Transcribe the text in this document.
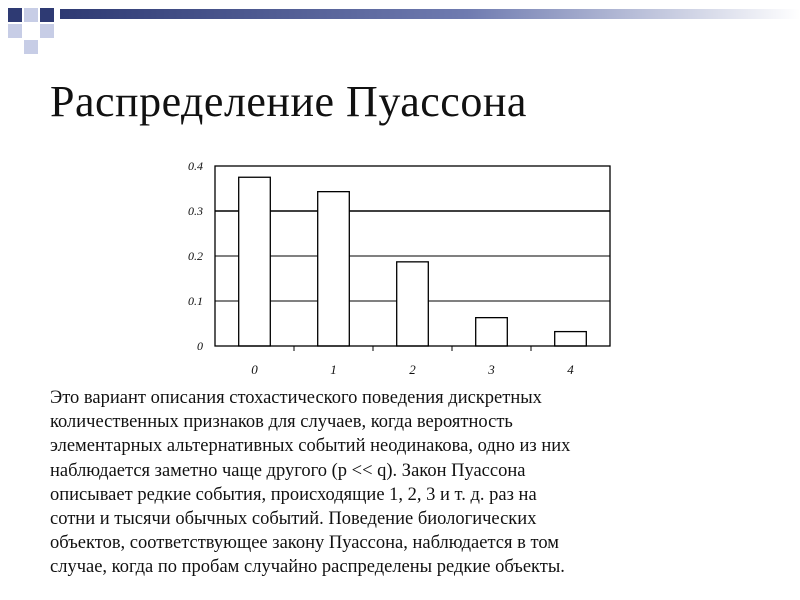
Распределение Пуассона
0
0.1
0.2
0.3
0.4
0	1	2	3	4
Это вариант описания стохастического поведения дискретных
количественных признаков для случаев, когда вероятность
элементарных альтернативных событий неодинакова, одно из них
наблюдается заметно чаще другого (p << q). Закон Пуассона
описывает редкие события, происходящие 1, 2, 3 и т. д. раз на
сотни и тысячи обычных событий. Поведение биологических
объектов, соответствующее закону Пуассона, наблюдается в том
случае, когда по пробам случайно распределены редкие объекты.
